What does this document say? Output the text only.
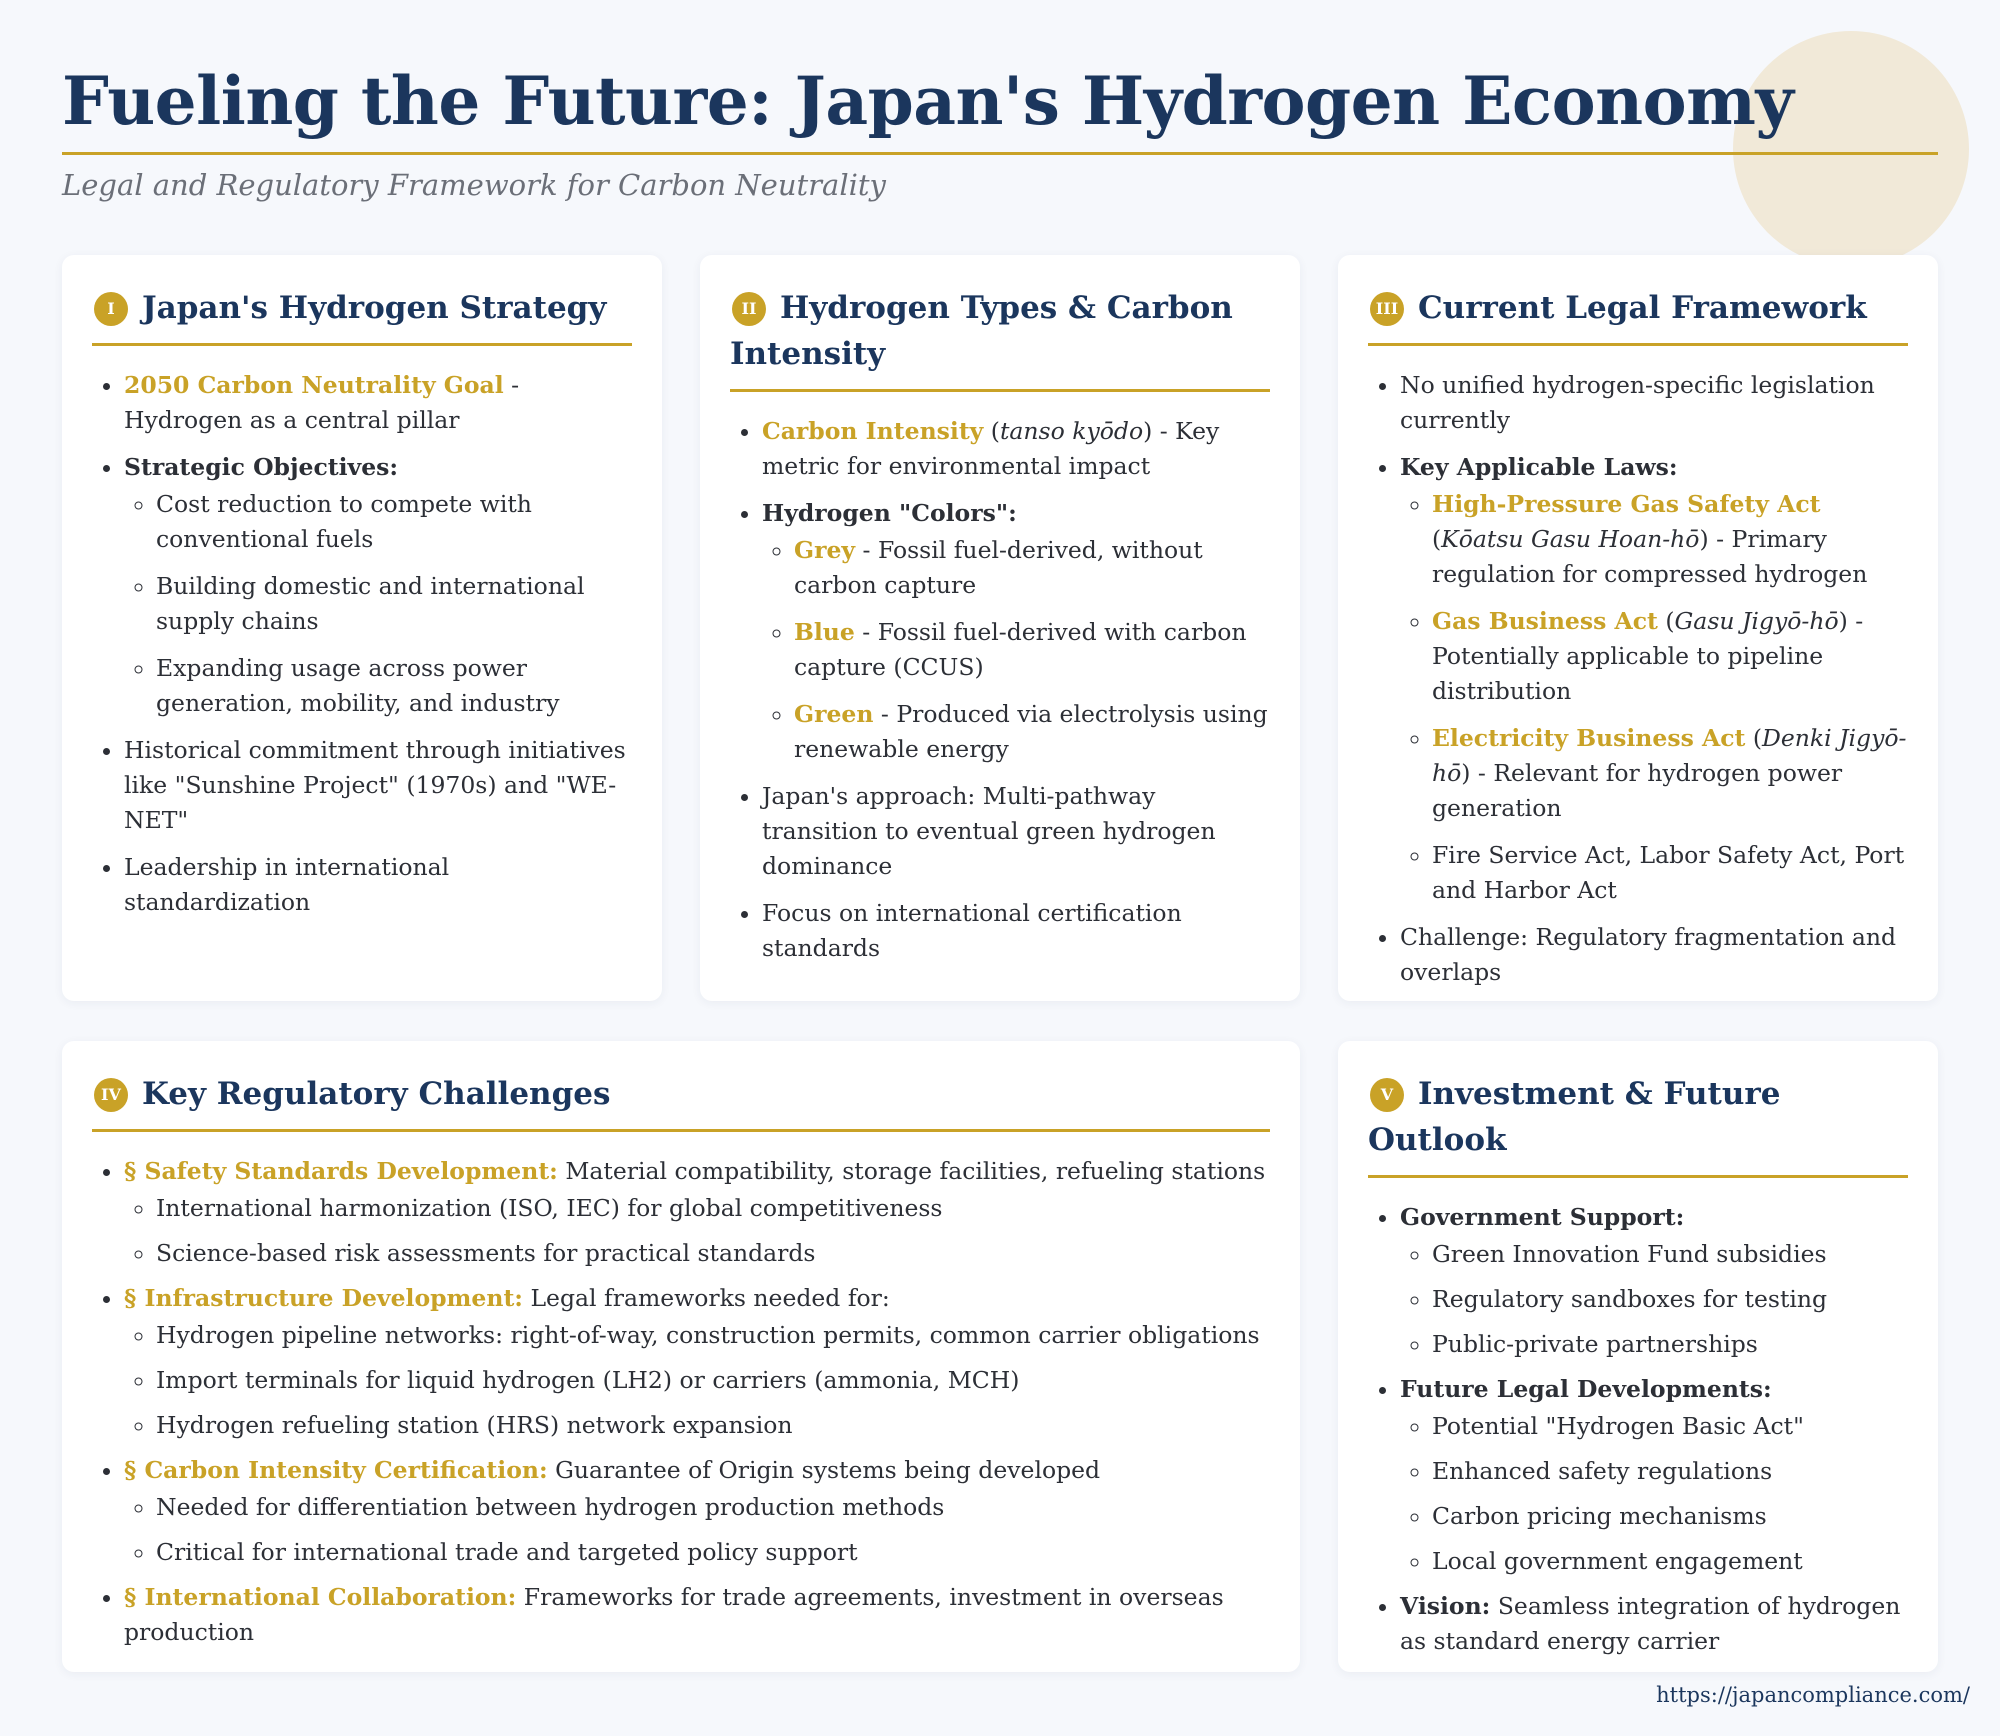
Fueling the Future: Japan's Hydrogen Economy
Legal and Regulatory Framework for Carbon Neutrality
I Japan's Hydrogen Strategy
• 2050 Carbon Neutrality Goal - Hydrogen as a central pillar
• Strategic Objectives:
◦ Cost reduction to compete with conventional fuels
◦ Building domestic and international supply chains
◦ Expanding usage across power generation, mobility, and industry
• Historical commitment through initiatives like "Sunshine Project" (1970s) and "WE-NET"
• Leadership in international standardization
II Hydrogen Types & Carbon Intensity
• Carbon Intensity (tanso kyōdo) - Key metric for environmental impact
• Hydrogen "Colors":
◦ Grey - Fossil fuel-derived, without carbon capture
◦ Blue - Fossil fuel-derived with carbon capture (CCUS)
◦ Green - Produced via electrolysis using renewable energy
• Japan's approach: Multi-pathway transition to eventual green hydrogen dominance
• Focus on international certification standards
III Current Legal Framework
• No unified hydrogen-specific legislation currently
• Key Applicable Laws:
◦ High-Pressure Gas Safety Act (Kōatsu Gasu Hoan-hō) - Primary regulation for compressed hydrogen
◦ Gas Business Act (Gasu Jigyō-hō) - Potentially applicable to pipeline distribution
◦ Electricity Business Act (Denki Jigyō-hō) - Relevant for hydrogen power generation
◦ Fire Service Act, Labor Safety Act, Port and Harbor Act
• Challenge: Regulatory fragmentation and overlaps
IV Key Regulatory Challenges
• § Safety Standards Development: Material compatibility, storage facilities, refueling stations
◦ International harmonization (ISO, IEC) for global competitiveness
◦ Science-based risk assessments for practical standards
• § Infrastructure Development: Legal frameworks needed for:
◦ Hydrogen pipeline networks: right-of-way, construction permits, common carrier obligations
◦ Import terminals for liquid hydrogen (LH2) or carriers (ammonia, MCH)
◦ Hydrogen refueling station (HRS) network expansion
• § Carbon Intensity Certification: Guarantee of Origin systems being developed
◦ Needed for differentiation between hydrogen production methods
◦ Critical for international trade and targeted policy support
• § International Collaboration: Frameworks for trade agreements, investment in overseas production
V Investment & Future Outlook
• Government Support:
◦ Green Innovation Fund subsidies
◦ Regulatory sandboxes for testing
◦ Public-private partnerships
• Future Legal Developments:
◦ Potential "Hydrogen Basic Act"
◦ Enhanced safety regulations
◦ Carbon pricing mechanisms
◦ Local government engagement
• Vision: Seamless integration of hydrogen as standard energy carrier
https://japancompliance.com/
